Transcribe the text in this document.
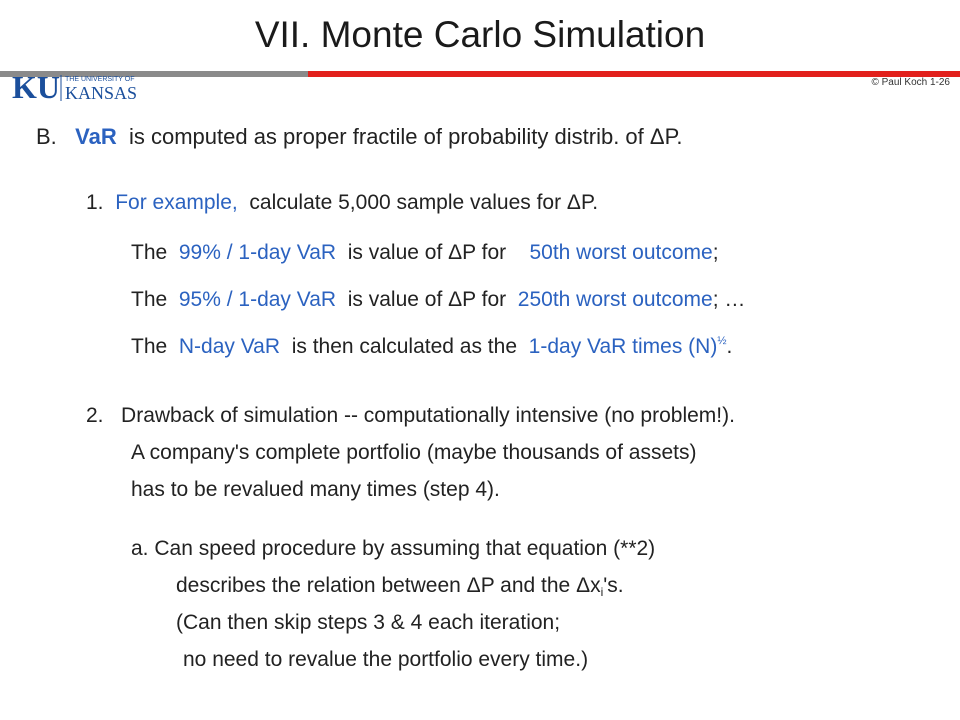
VII. Monte Carlo Simulation
KU THE UNIVERSITY OF
KANSAS
© Paul Koch 1-26
B. VaR is computed as proper fractile of probability distrib. of ΔP.
1. For example, calculate 5,000 sample values for ΔP.
The 99% / 1-day VaR is value of ΔP for 50th worst outcome;
The 95% / 1-day VaR is value of ΔP for 250th worst outcome; …
The N-day VaR is then calculated as the 1-day VaR times $(N)^{\frac{1}{2}}$.
2. Drawback of simulation -- computationally intensive (no problem!).
A company's complete portfolio (maybe thousands of assets)
has to be revalued many times (step 4).
a. Can speed procedure by assuming that equation (**2)
describes the relation between ΔP and the $\Delta x_i's$.
(Can then skip steps 3 & 4 each iteration;
no need to revalue the portfolio every time.)
